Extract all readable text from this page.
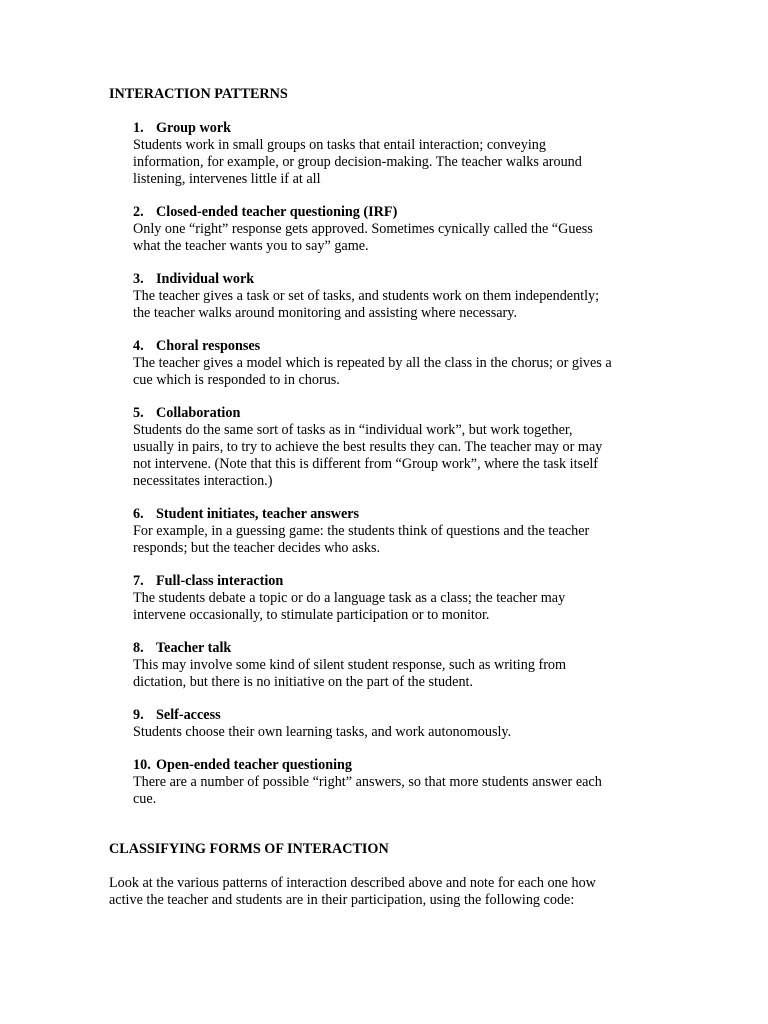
INTERACTION PATTERNS
1. Group work
Students work in small groups on tasks that entail interaction; conveying
information, for example, or group decision-making. The teacher walks around
listening, intervenes little if at all
2. Closed-ended teacher questioning (IRF)
Only one “right” response gets approved. Sometimes cynically called the “Guess
what the teacher wants you to say” game.
3. Individual work
The teacher gives a task or set of tasks, and students work on them independently;
the teacher walks around monitoring and assisting where necessary.
4. Choral responses
The teacher gives a model which is repeated by all the class in the chorus; or gives a
cue which is responded to in chorus.
5. Collaboration
Students do the same sort of tasks as in “individual work”, but work together,
usually in pairs, to try to achieve the best results they can. The teacher may or may
not intervene. (Note that this is different from “Group work”, where the task itself
necessitates interaction.)
6. Student initiates, teacher answers
For example, in a guessing game: the students think of questions and the teacher
responds; but the teacher decides who asks.
7. Full-class interaction
The students debate a topic or do a language task as a class; the teacher may
intervene occasionally, to stimulate participation or to monitor.
8. Teacher talk
This may involve some kind of silent student response, such as writing from
dictation, but there is no initiative on the part of the student.
9. Self-access
Students choose their own learning tasks, and work autonomously.
10. Open-ended teacher questioning
There are a number of possible “right” answers, so that more students answer each
cue.
CLASSIFYING FORMS OF INTERACTION
Look at the various patterns of interaction described above and note for each one how
active the teacher and students are in their participation, using the following code:
